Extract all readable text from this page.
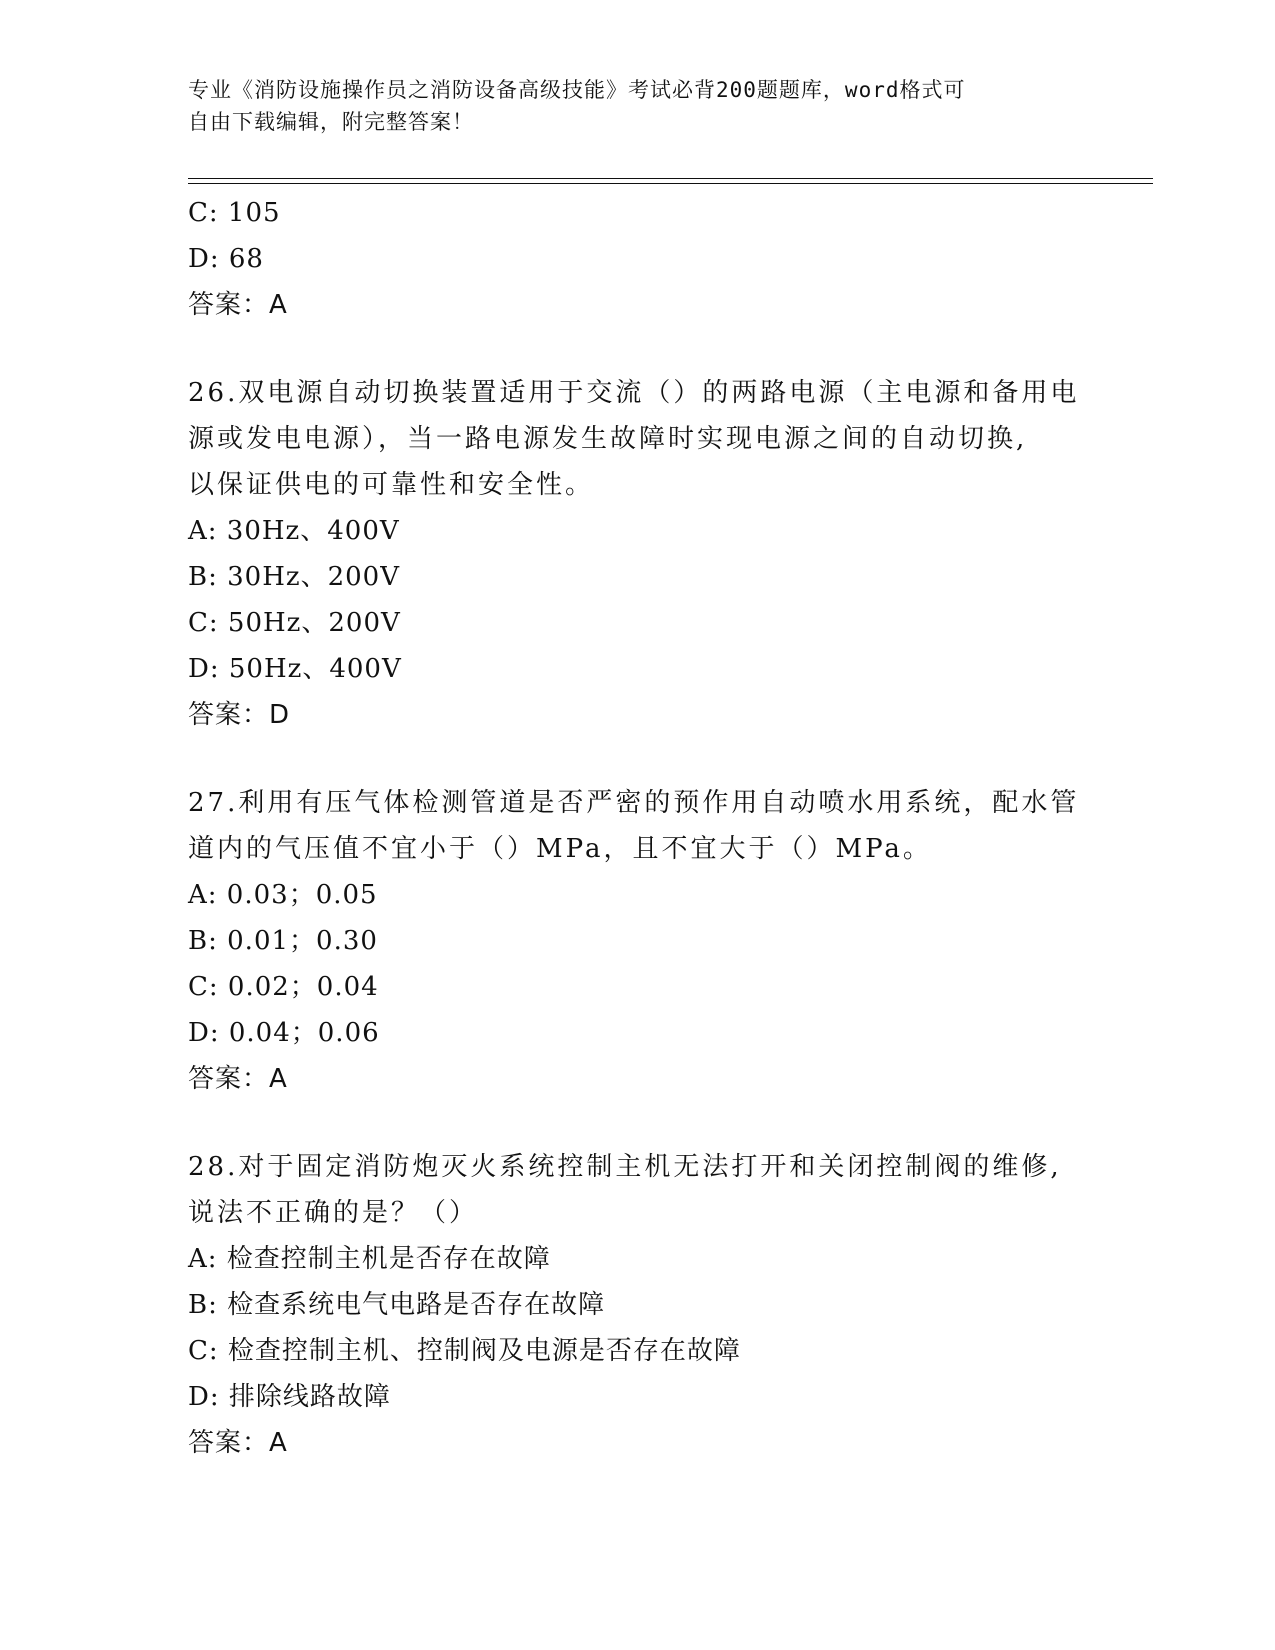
专业《消防设施操作员之消防设备高级技能》考试必背200题题库，word格式可
自由下载编辑，附完整答案！
C: 105
D: 68
答案：A
26.双电源自动切换装置适用于交流（）的两路电源（主电源和备用电
源或发电电源），当一路电源发生故障时实现电源之间的自动切换,
以保证供电的可靠性和安全性。
A: 30Hz、400V
B: 30Hz、200V
C: 50Hz、200V
D: 50Hz、400V
答案：D
27.利用有压气体检测管道是否严密的预作用自动喷水用系统，配水管
道内的气压值不宜小于（）MPa，且不宜大于（）MPa。
A: 0.03；0.05
B: 0.01；0.30
C: 0.02；0.04
D: 0.04；0.06
答案：A
28.对于固定消防炮灭火系统控制主机无法打开和关闭控制阀的维修,
说法不正确的是？（）
A: 检查控制主机是否存在故障
B: 检查系统电气电路是否存在故障
C: 检查控制主机、控制阀及电源是否存在故障
D: 排除线路故障
答案：A
